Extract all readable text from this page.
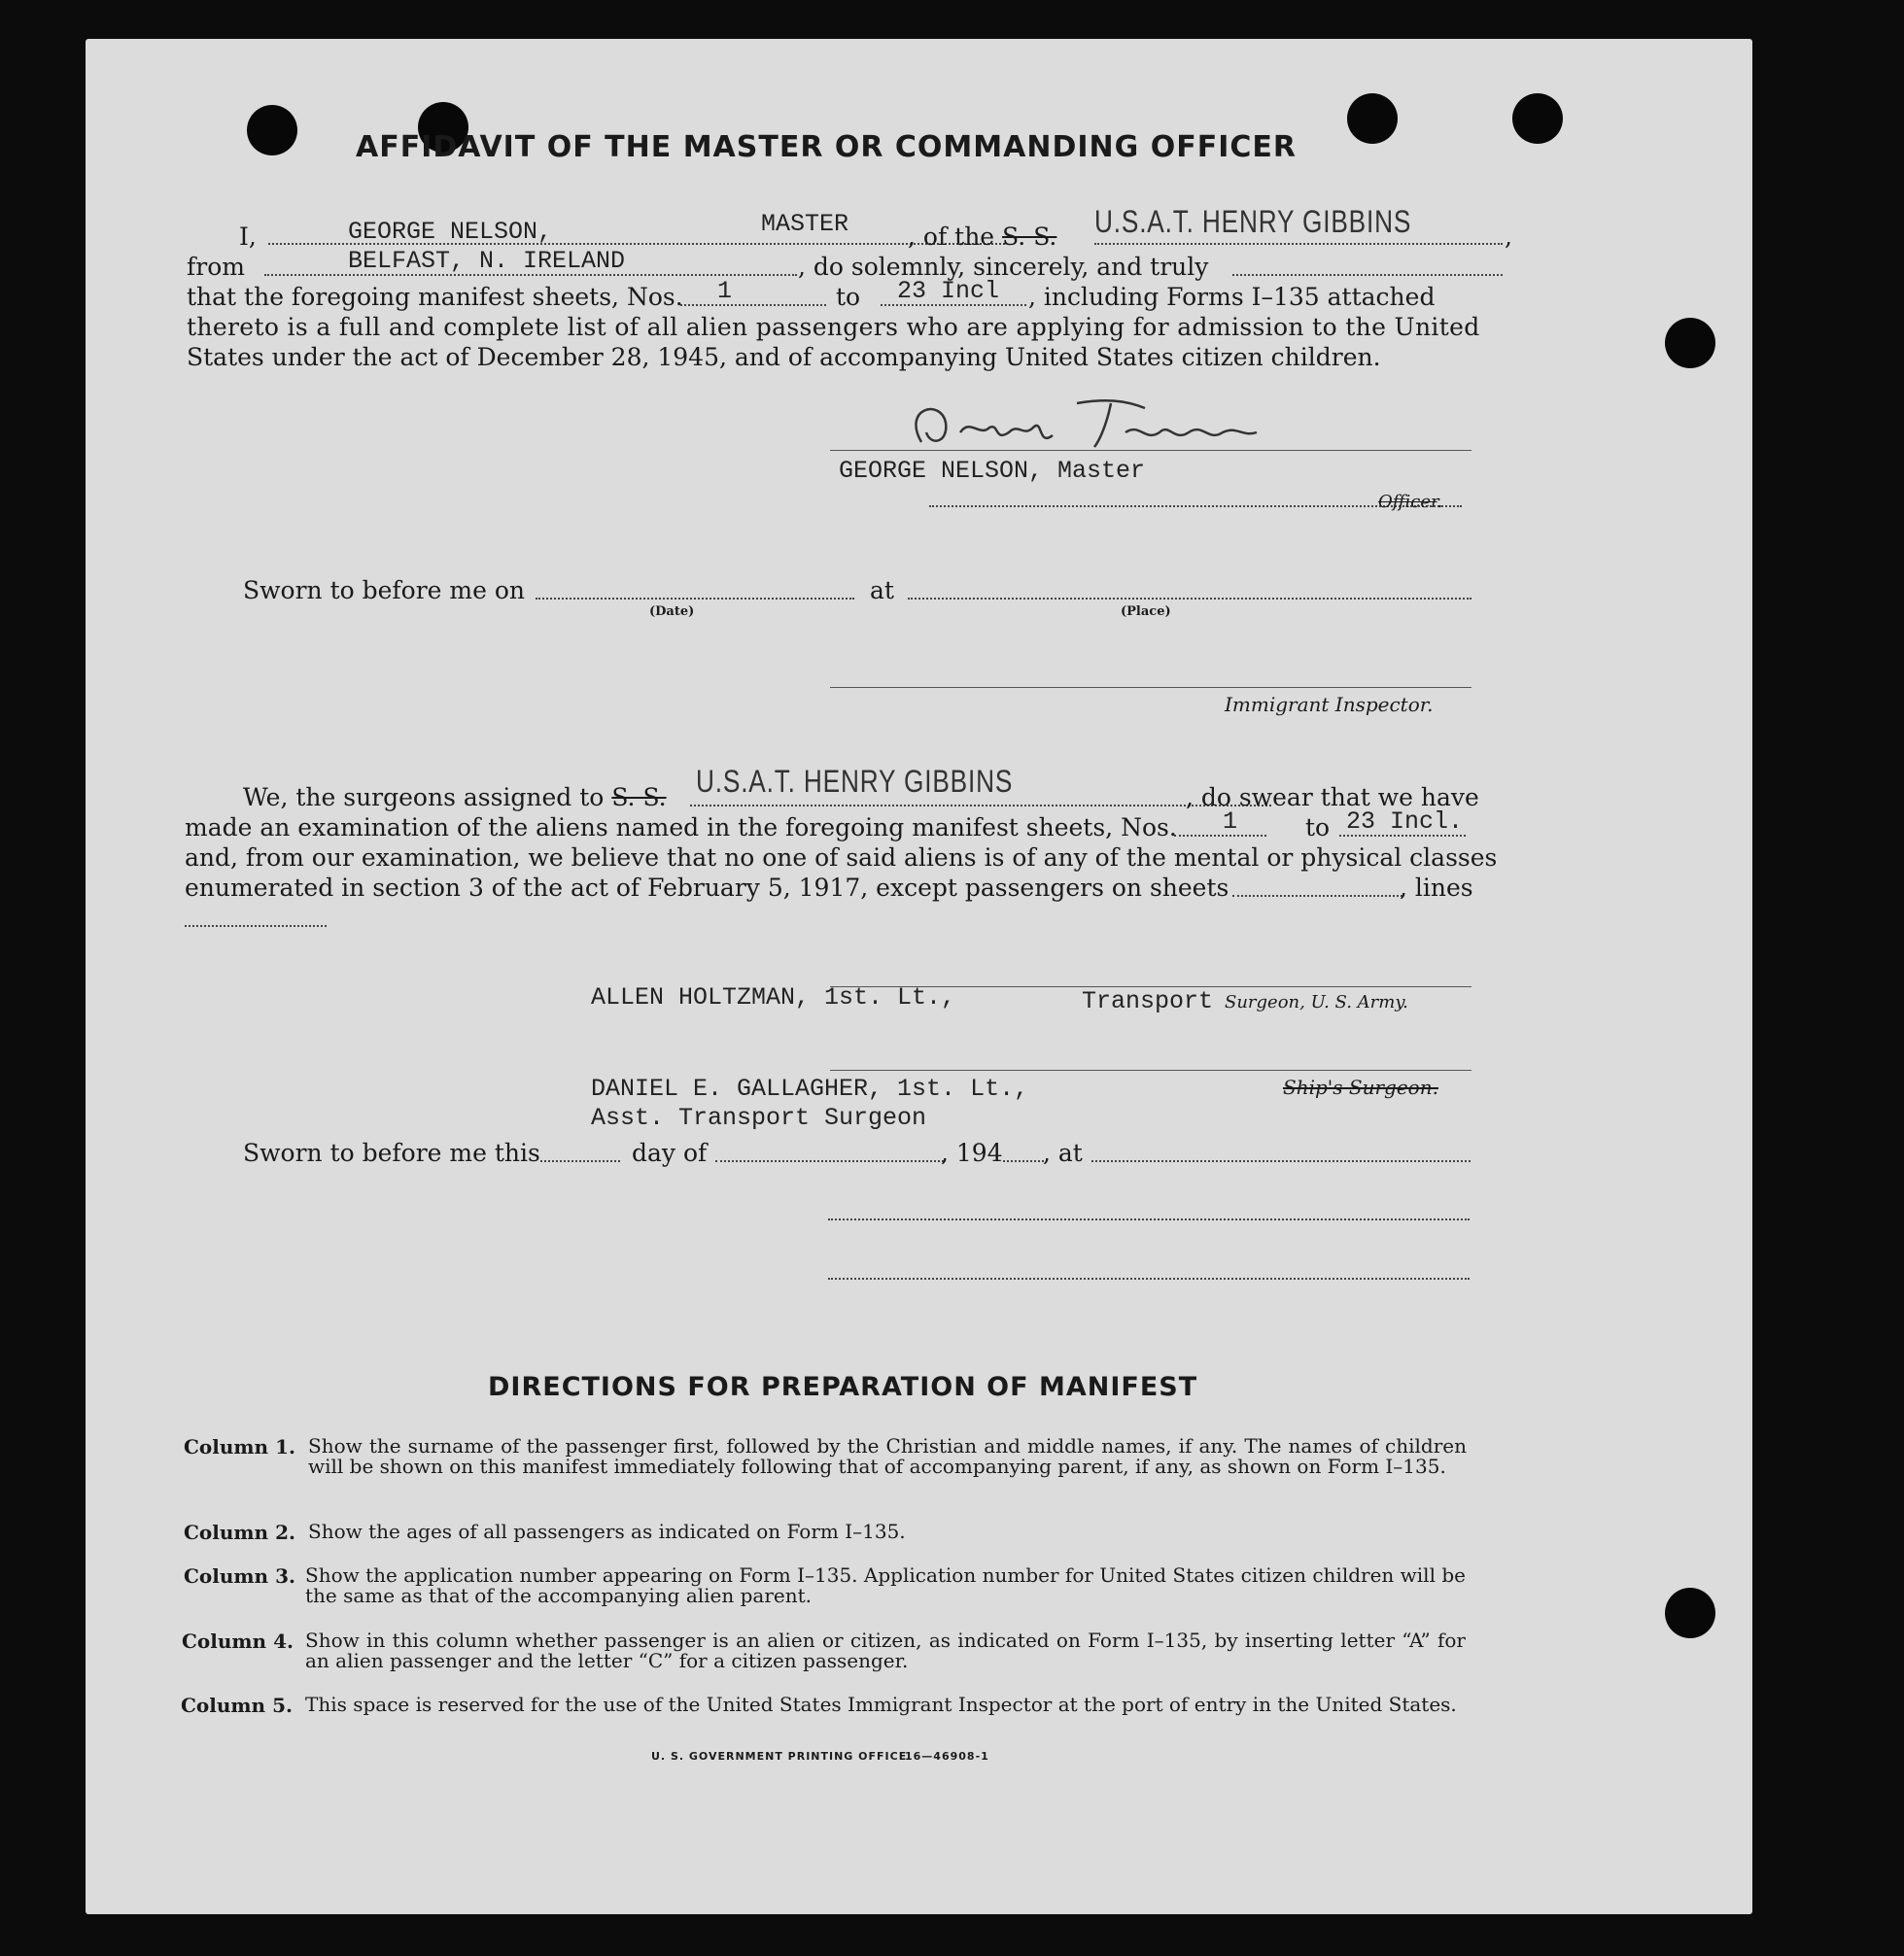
AFFIDAVIT OF THE MASTER OR COMMANDING OFFICER
I,	GEORGE NELSON,	MASTER , of the S. S. U.S.A.T. HENRY GIBBINS	,
from	BELFAST, N. IRELAND	, do solemnly, sincerely, and truly
that the foregoing manifest sheets, Nos. 1	to 23 Incl , including Forms I–135 attached
thereto is a full and complete list of all alien passengers who are applying for admission to the United
States under the act of December 28, 1945, and of accompanying United States citizen children.
GEORGE NELSON, Master
Officer.
Sworn to before me on
(Date)
at
(Place)
Immigrant Inspector.
We, the surgeons assigned to S. S. U.S.A.T. HENRY GIBBINS	, do swear that we have
made an examination of the aliens named in the foregoing manifest sheets, Nos. 1	to 23 Incl.
and, from our examination, we believe that no one of said aliens is of any of the mental or physical classes
enumerated in section 3 of the act of February 5, 1917, except passengers on sheets	, lines
ALLEN HOLTZMAN, 1st. Lt.,	Transport Surgeon, U. S. Army.
DANIEL E. GALLAGHER, 1st. Lt.,
Asst. Transport Surgeon
Ship's Surgeon.
Sworn to before me this	day of	, 194 , at
DIRECTIONS FOR PREPARATION OF MANIFEST
Column 1. Show the surname of the passenger first, followed by the Christian and middle names, if any. The names of children will be shown on this manifest immediately following that of accompanying parent, if any, as shown on Form I–135.
Column 2. Show the ages of all passengers as indicated on Form I–135.
Column 3. Show the application number appearing on Form I–135. Application number for United States citizen children will be the same as that of the accompanying alien parent.
Column 4. Show in this column whether passenger is an alien or citizen, as indicated on Form I–135, by inserting letter “A” for an alien passenger and the letter “C” for a citizen passenger.
Column 5. This space is reserved for the use of the United States Immigrant Inspector at the port of entry in the United States.
U. S. GOVERNMENT PRINTING OFFICE
16—46908-1
